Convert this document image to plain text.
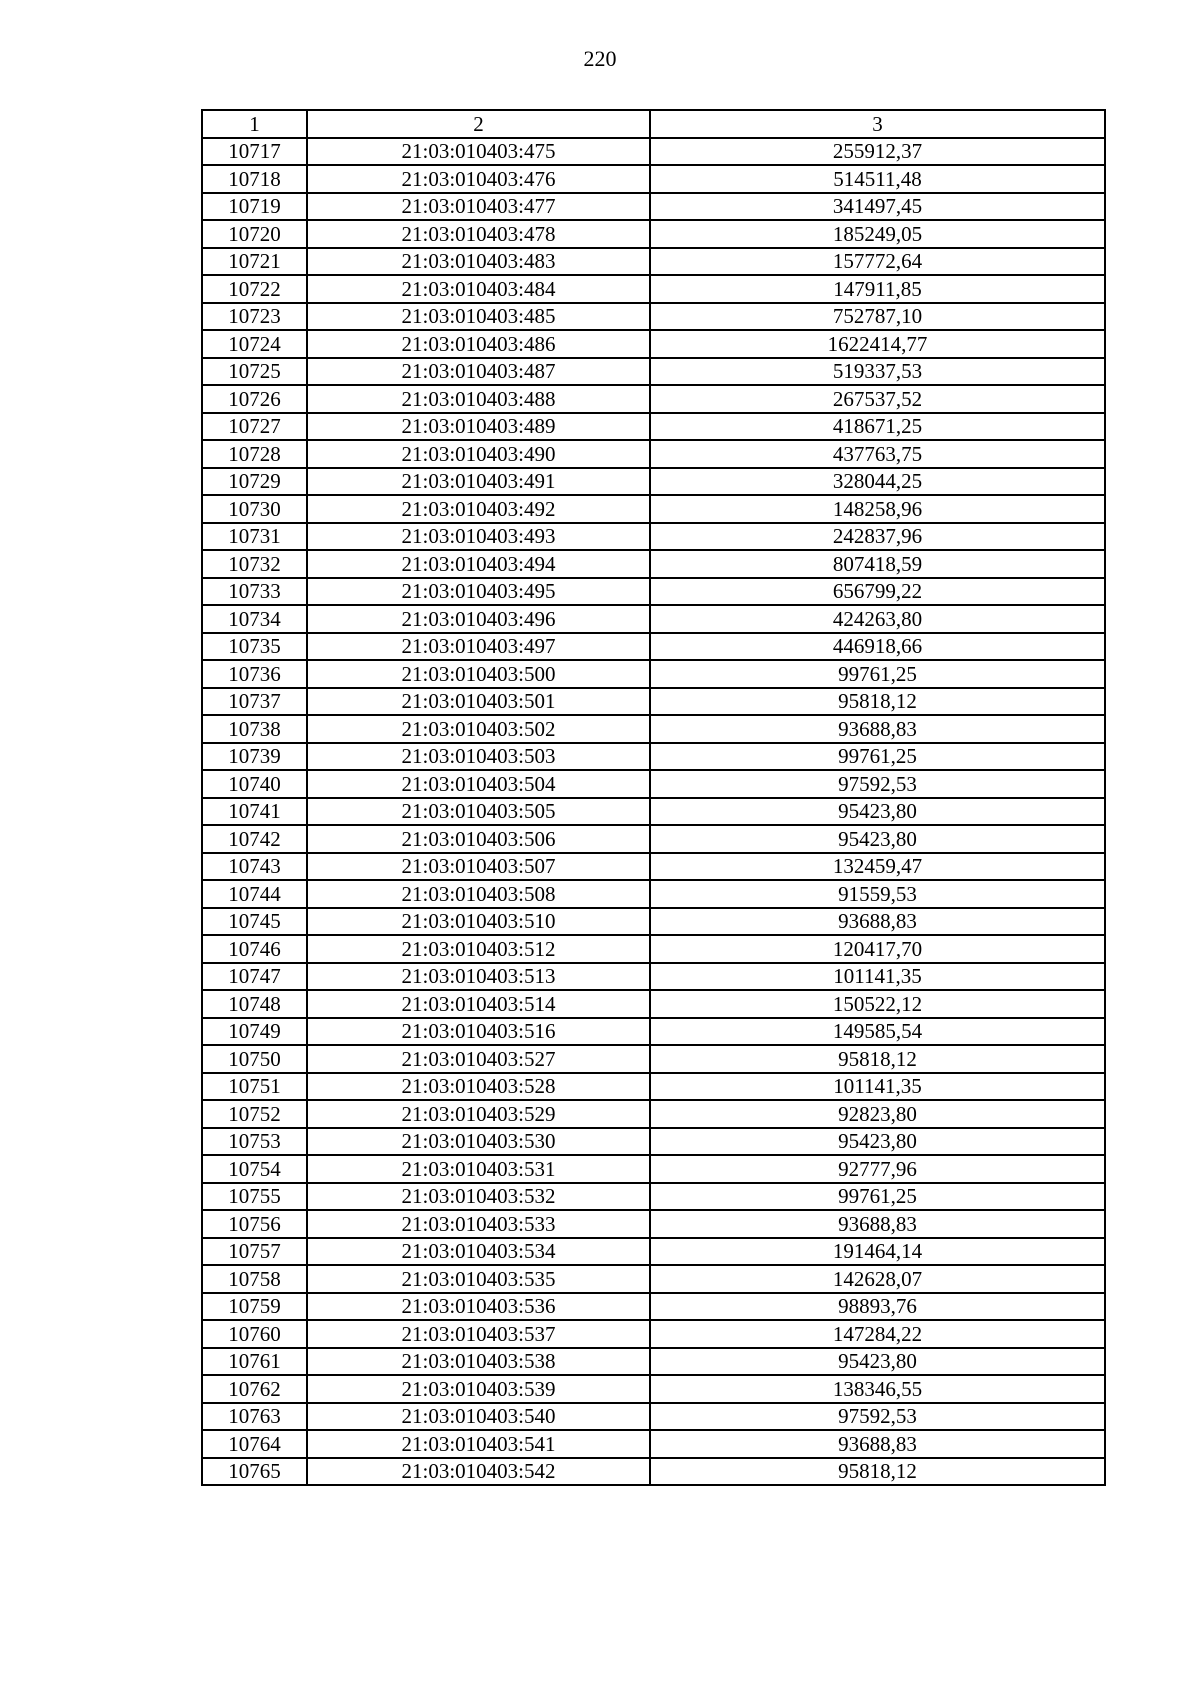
220
1	2	3
10717	21:03:010403:475	255912,37
10718	21:03:010403:476	514511,48
10719	21:03:010403:477	341497,45
10720	21:03:010403:478	185249,05
10721	21:03:010403:483	157772,64
10722	21:03:010403:484	147911,85
10723	21:03:010403:485	752787,10
10724	21:03:010403:486	1622414,77
10725	21:03:010403:487	519337,53
10726	21:03:010403:488	267537,52
10727	21:03:010403:489	418671,25
10728	21:03:010403:490	437763,75
10729	21:03:010403:491	328044,25
10730	21:03:010403:492	148258,96
10731	21:03:010403:493	242837,96
10732	21:03:010403:494	807418,59
10733	21:03:010403:495	656799,22
10734	21:03:010403:496	424263,80
10735	21:03:010403:497	446918,66
10736	21:03:010403:500	99761,25
10737	21:03:010403:501	95818,12
10738	21:03:010403:502	93688,83
10739	21:03:010403:503	99761,25
10740	21:03:010403:504	97592,53
10741	21:03:010403:505	95423,80
10742	21:03:010403:506	95423,80
10743	21:03:010403:507	132459,47
10744	21:03:010403:508	91559,53
10745	21:03:010403:510	93688,83
10746	21:03:010403:512	120417,70
10747	21:03:010403:513	101141,35
10748	21:03:010403:514	150522,12
10749	21:03:010403:516	149585,54
10750	21:03:010403:527	95818,12
10751	21:03:010403:528	101141,35
10752	21:03:010403:529	92823,80
10753	21:03:010403:530	95423,80
10754	21:03:010403:531	92777,96
10755	21:03:010403:532	99761,25
10756	21:03:010403:533	93688,83
10757	21:03:010403:534	191464,14
10758	21:03:010403:535	142628,07
10759	21:03:010403:536	98893,76
10760	21:03:010403:537	147284,22
10761	21:03:010403:538	95423,80
10762	21:03:010403:539	138346,55
10763	21:03:010403:540	97592,53
10764	21:03:010403:541	93688,83
10765	21:03:010403:542	95818,12
